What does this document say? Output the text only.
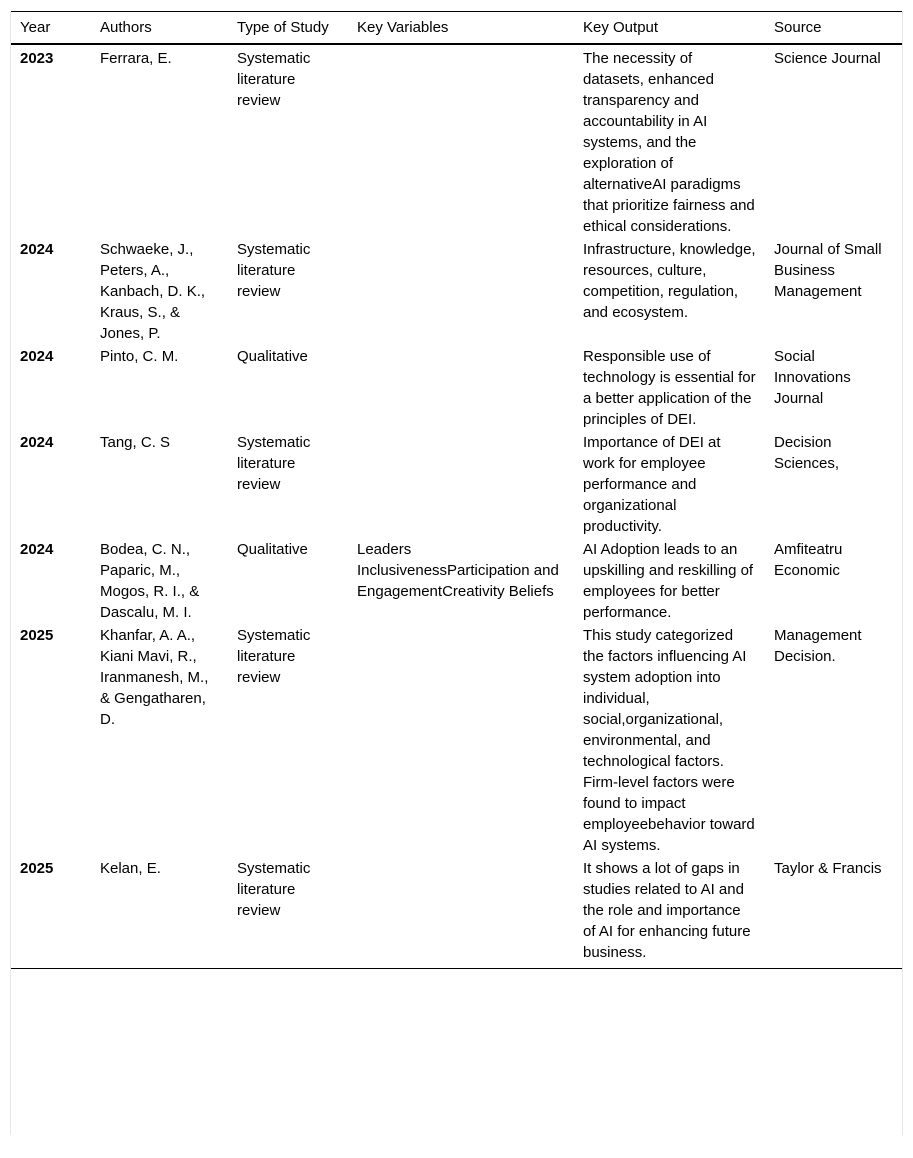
Year	Authors	Type of Study	Key Variables	Key Output	Source
2023	Ferrara, E.	Systematic literature review		The necessity of datasets, enhanced transparency and accountability in AI systems, and the exploration of alternativeAI paradigms that prioritize fairness and ethical considerations.	Science Journal
2024	Schwaeke, J., Peters, A., Kanbach, D. K., Kraus, S., & Jones, P.	Systematic literature review		Infrastructure, knowledge, resources, culture, competition, regulation, and ecosystem.	Journal of Small Business Management
2024	Pinto, C. M.	Qualitative		Responsible use of technology is essential for a better application of the principles of DEI.	Social Innovations Journal
2024	Tang, C. S	Systematic literature review		Importance of DEI at work for employee performance and organizational productivity.	Decision Sciences,
2024	Bodea, C. N., Paparic, M., Mogos, R. I., & Dascalu, M. I.	Qualitative	Leaders InclusivenessParticipation and EngagementCreativity Beliefs	AI Adoption leads to an upskilling and reskilling of employees for better performance.	Amfiteatru Economic
2025	Khanfar, A. A., Kiani Mavi, R., Iranmanesh, M., & Gengatharen, D.	Systematic literature review		This study categorized the factors influencing AI system adoption into individual, social,organizational, environmental, and technological factors. Firm-level factors were found to impact employeebehavior toward AI systems.	Management Decision.
2025	Kelan, E.	Systematic literature review		It shows a lot of gaps in studies related to AI and the role and importance of AI for enhancing future business.	Taylor & Francis
